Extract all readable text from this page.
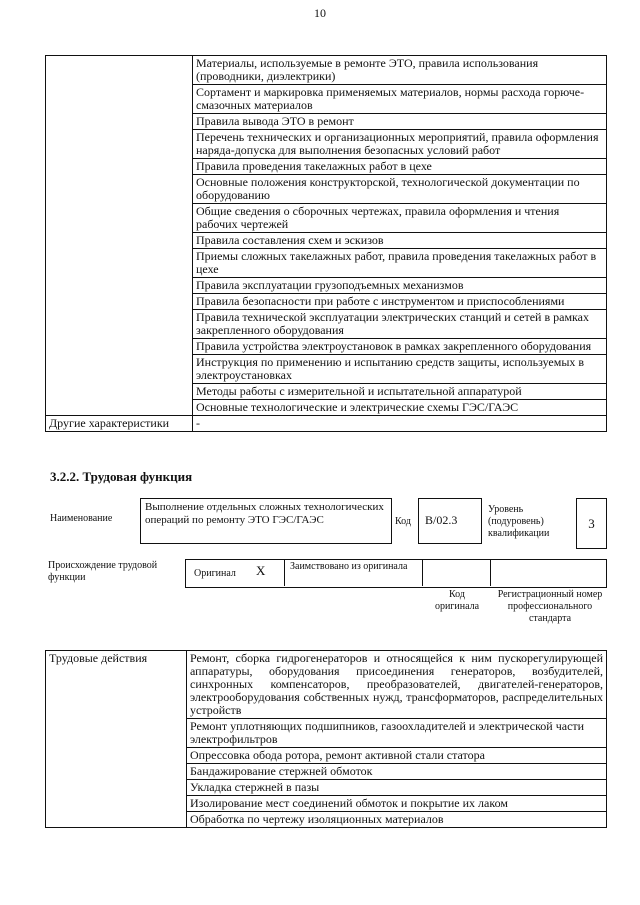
10
	Материалы, используемые в ремонте ЭТО, правила использования (проводники, диэлектрики)
	Сортамент и маркировка применяемых материалов, нормы расхода горюче-смазочных материалов
	Правила вывода ЭТО в ремонт
	Перечень технических и организационных мероприятий, правила оформления наряда-допуска для выполнения безопасных условий работ
	Правила проведения такелажных работ в цехе
	Основные положения конструкторской, технологической документации по оборудованию
	Общие сведения о сборочных чертежах, правила оформления и чтения рабочих чертежей
	Правила составления схем и эскизов
	Приемы сложных такелажных работ, правила проведения такелажных работ в цехе
	Правила эксплуатации грузоподъемных механизмов
	Правила безопасности при работе с инструментом и приспособлениями
	Правила технической эксплуатации электрических станций и сетей в рамках закрепленного оборудования
	Правила устройства электроустановок в рамках закрепленного оборудования
	Инструкция по применению и испытанию средств защиты, используемых в электроустановках
	Методы работы с измерительной и испытательной аппаратурой
	Основные технологические и электрические схемы ГЭС/ГАЭС
Другие характеристики	-
3.2.2. Трудовая функция
Наименование
Выполнение отдельных сложных технологических операций по ремонту ЭТО ГЭС/ГАЭС	Код	B/02.3
Уровень (подуровень) квалификации
3
Происхождение трудовой функции	Оригинал X Заимствовано из оригинала
Код оригинала
Регистрационный номер профессионального стандарта
Трудовые действия	Ремонт, сборка гидрогенераторов и относящейся к ним пускорегулирующей аппаратуры, оборудования присоединения генераторов, возбудителей, синхронных компенсаторов, преобразователей, двигателей-генераторов, электрооборудования собственных нужд, трансформаторов, распределительных устройств
Ремонт уплотняющих подшипников, газоохладителей и электрической части электрофильтров
Опрессовка обода ротора, ремонт активной стали статора
Бандажирование стержней обмоток
Укладка стержней в пазы
Изолирование мест соединений обмоток и покрытие их лаком
Обработка по чертежу изоляционных материалов
